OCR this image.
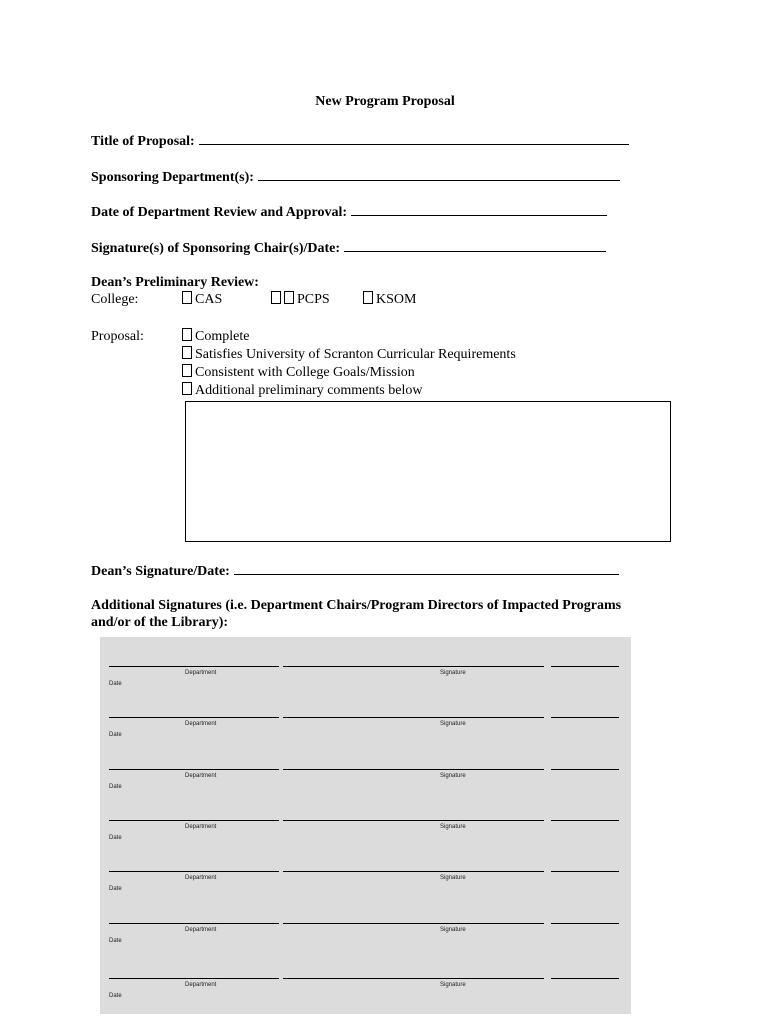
New Program Proposal
Title of Proposal:
Sponsoring Department(s):
Date of Department Review and Approval:
Signature(s) of Sponsoring Chair(s)/Date:
Dean’s Preliminary Review:
College:	CAS	PCPS	KSOM
Proposal:	Complete
Satisfies University of Scranton Curricular Requirements
Consistent with College Goals/Mission
Additional preliminary comments below
Dean’s Signature/Date:
Additional Signatures (i.e. Department Chairs/Program Directors of Impacted Programs
and/or of the Library):
Department	Signature
Date
Department	Signature
Date
Department	Signature
Date
Department	Signature
Date
Department	Signature
Date
Department	Signature
Date
Department	Signature
Date
